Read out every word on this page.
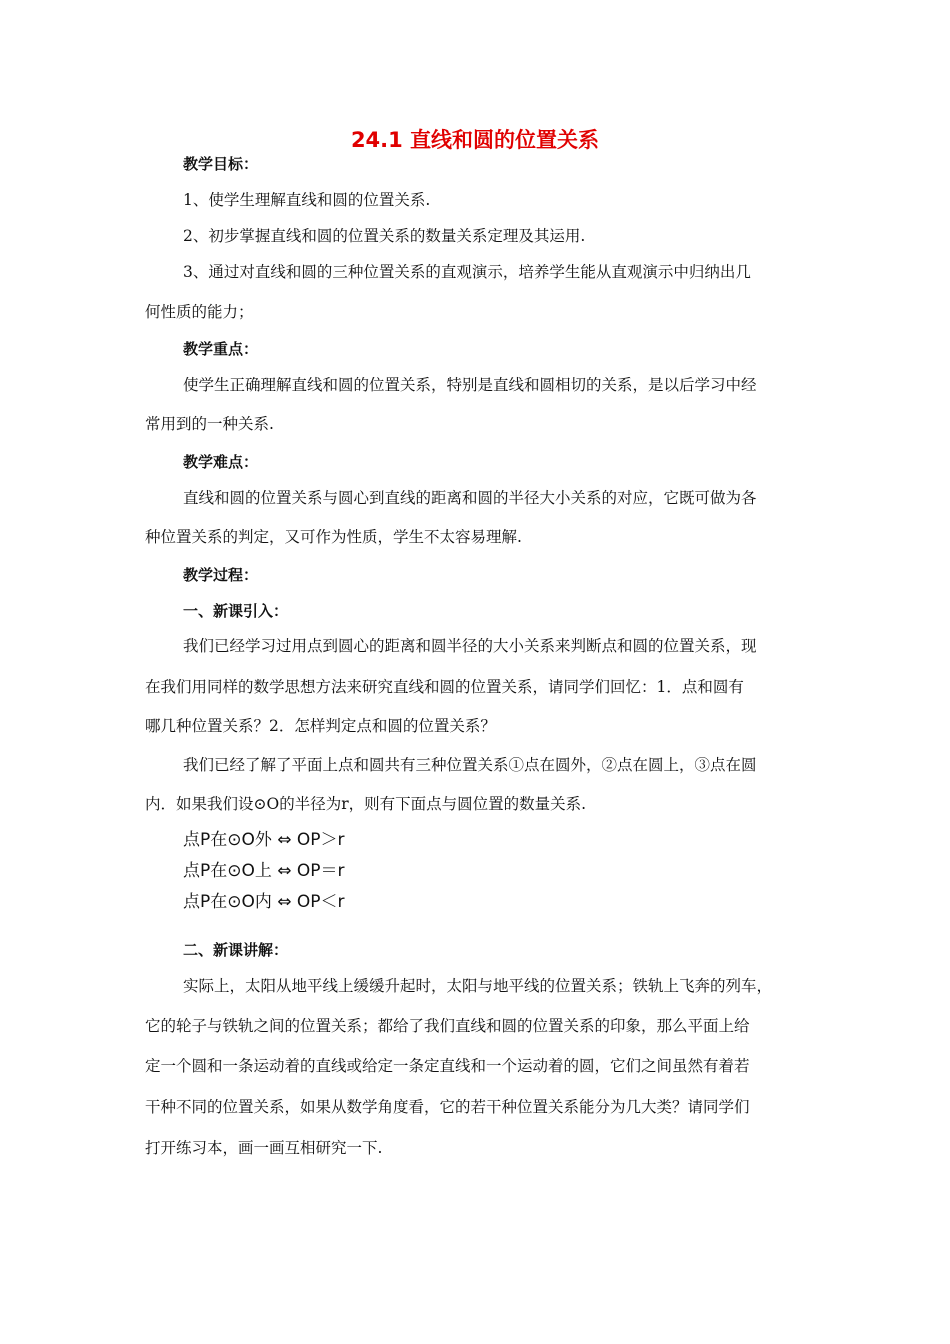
24.1 直线和圆的位置关系
教学目标：
1、使学生理解直线和圆的位置关系.
2、初步掌握直线和圆的位置关系的数量关系定理及其运用.
3、通过对直线和圆的三种位置关系的直观演示，培养学生能从直观演示中归纳出几
何性质的能力；
教学重点：
使学生正确理解直线和圆的位置关系，特别是直线和圆相切的关系，是以后学习中经
常用到的一种关系.
教学难点：
直线和圆的位置关系与圆心到直线的距离和圆的半径大小关系的对应，它既可做为各
种位置关系的判定，又可作为性质，学生不太容易理解.
教学过程：
一、新课引入：
我们已经学习过用点到圆心的距离和圆半径的大小关系来判断点和圆的位置关系，现
在我们用同样的数学思想方法来研究直线和圆的位置关系，请同学们回忆：1．点和圆有
哪几种位置关系？2．怎样判定点和圆的位置关系？
我们已经了解了平面上点和圆共有三种位置关系①点在圆外，②点在圆上，③点在圆
内．如果我们设⊙O的半径为r，则有下面点与圆位置的数量关系.
点P在⊙O外 ⇔ OP＞r
点P在⊙O上 ⇔ OP＝r
点P在⊙O内 ⇔ OP＜r
二、新课讲解：
实际上，太阳从地平线上缓缓升起时，太阳与地平线的位置关系；铁轨上飞奔的列车，
它的轮子与铁轨之间的位置关系；都给了我们直线和圆的位置关系的印象，那么平面上给
定一个圆和一条运动着的直线或给定一条定直线和一个运动着的圆，它们之间虽然有着若
干种不同的位置关系，如果从数学角度看，它的若干种位置关系能分为几大类？请同学们
打开练习本，画一画互相研究一下.
